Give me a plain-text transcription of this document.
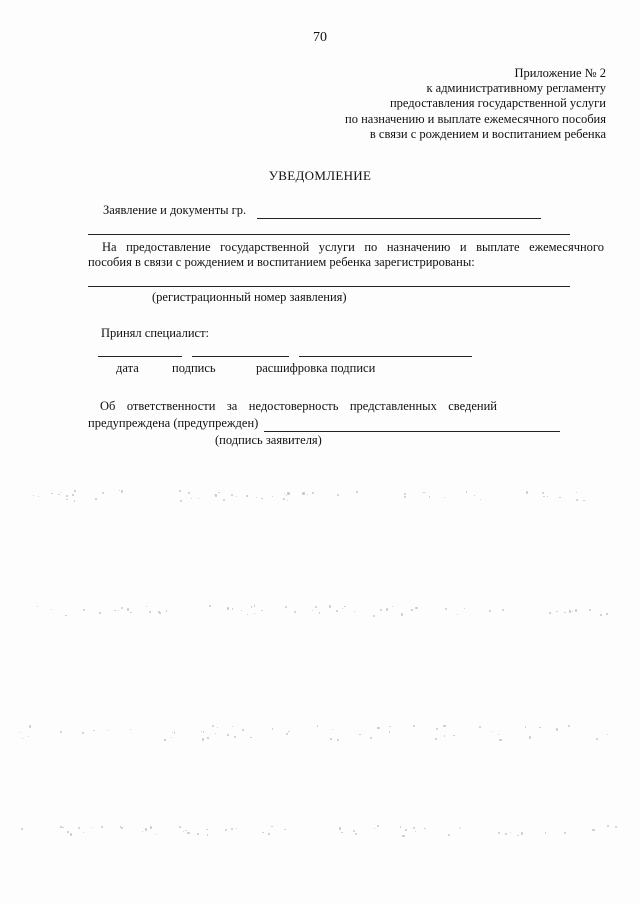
70
Приложение № 2
к административному регламенту
предоставления государственной услуги
по назначению и выплате ежемесячного пособия
в связи с рождением и воспитанием ребенка
УВЕДОМЛЕНИЕ
Заявление и документы гр.
На предоставление государственной услуги по назначению и выплате ежемесячного
пособия в связи с рождением и воспитанием ребенка зарегистрированы:
(регистрационный номер заявления)
Принял специалист:
дата	подпись	расшифровка подписи
Об ответственности за недостоверность представленных сведений
предупреждена (предупрежден)
(подпись заявителя)
